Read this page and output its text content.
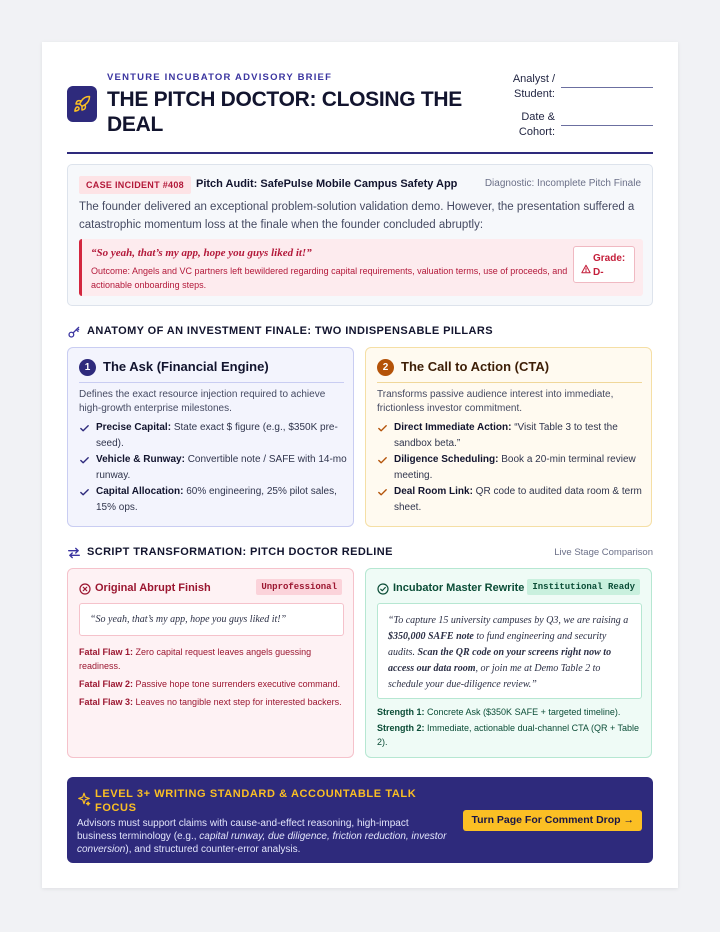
VENTURE INCUBATOR ADVISORY BRIEF
THE PITCH DOCTOR: CLOSING THE DEAL
Analyst / Student:
Date & Cohort:
CASE INCIDENT #408	Pitch Audit: SafePulse Mobile Campus Safety App	Diagnostic: Incomplete Pitch Finale
The founder delivered an exceptional problem-solution validation demo. However, the presentation suffered a catastrophic momentum loss at the finale when the founder concluded abruptly:
“So yeah, that’s my app, hope you guys liked it!”
Outcome: Angels and VC partners left bewildered regarding capital requirements, valuation terms, use of proceeds, and actionable onboarding steps.
Grade: D-
ANATOMY OF AN INVESTMENT FINALE: TWO INDISPENSABLE PILLARS
1 The Ask (Financial Engine)
Defines the exact resource injection required to achieve high-growth enterprise milestones.
Precise Capital: State exact $ figure (e.g., $350K pre-seed).
Vehicle & Runway: Convertible note / SAFE with 14-mo runway.
Capital Allocation: 60% engineering, 25% pilot sales, 15% ops.
2 The Call to Action (CTA)
Transforms passive audience interest into immediate, frictionless investor commitment.
Direct Immediate Action: “Visit Table 3 to test the sandbox beta.”
Diligence Scheduling: Book a 20-min terminal review meeting.
Deal Room Link: QR code to audited data room & term sheet.
SCRIPT TRANSFORMATION: PITCH DOCTOR REDLINE	Live Stage Comparison
Original Abrupt Finish	Unprofessional
“So yeah, that’s my app, hope you guys liked it!”
Fatal Flaw 1: Zero capital request leaves angels guessing readiness.
Fatal Flaw 2: Passive hope tone surrenders executive command.
Fatal Flaw 3: Leaves no tangible next step for interested backers.
Incubator Master Rewrite Institutional Ready
“To capture 15 university campuses by Q3, we are raising a $350,000 SAFE note to fund engineering and security audits. Scan the QR code on your screens right now to access our data room, or join me at Demo Table 2 to schedule your due-diligence review.”
Strength 1: Concrete Ask ($350K SAFE + targeted timeline).
Strength 2: Immediate, actionable dual-channel CTA (QR + Table 2).
LEVEL 3+ WRITING STANDARD & ACCOUNTABLE TALK FOCUS
Advisors must support claims with cause-and-effect reasoning, high-impact business terminology (e.g., capital runway, due diligence, friction reduction, investor conversion), and structured counter-error analysis.
Turn Page For Comment Drop →
